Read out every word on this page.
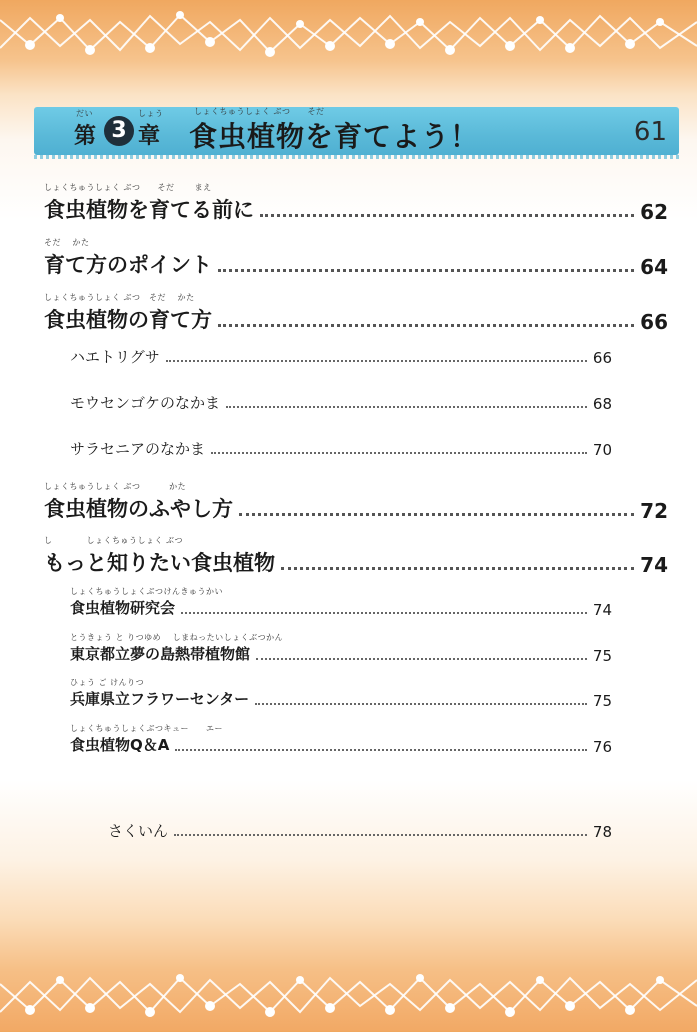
だい	しょう
第 3 章
しょくちゅうしょく ぶつ　　そだ
食虫植物を育てよう！	61
しょくちゅうしょく ぶつ　　そだ　　 まえ
食虫植物を育てる前に	62
そだ　 かた
育て方のポイント	64
しょくちゅうしょく ぶつ　そだ　 かた
食虫植物の育て方	66
ハエトリグサ	66
モウセンゴケのなかま	68
サラセニアのなかま	70
しょくちゅうしょく ぶつ　　　 かた
食虫植物のふやし方	72
し　　　　しょくちゅうしょく ぶつ
もっと知りたい食虫植物	74
しょくちゅうしょくぶつけんきゅうかい
食虫植物研究会	74
とうきょう と りつゆめ　 しまねったいしょくぶつかん
東京都立夢の島熱帯植物館	75
ひょう ご けんりつ
兵庫県立フラワーセンター	75
しょくちゅうしょくぶつキュー　　エー
食虫植物Q＆A	76
さくいん	78
